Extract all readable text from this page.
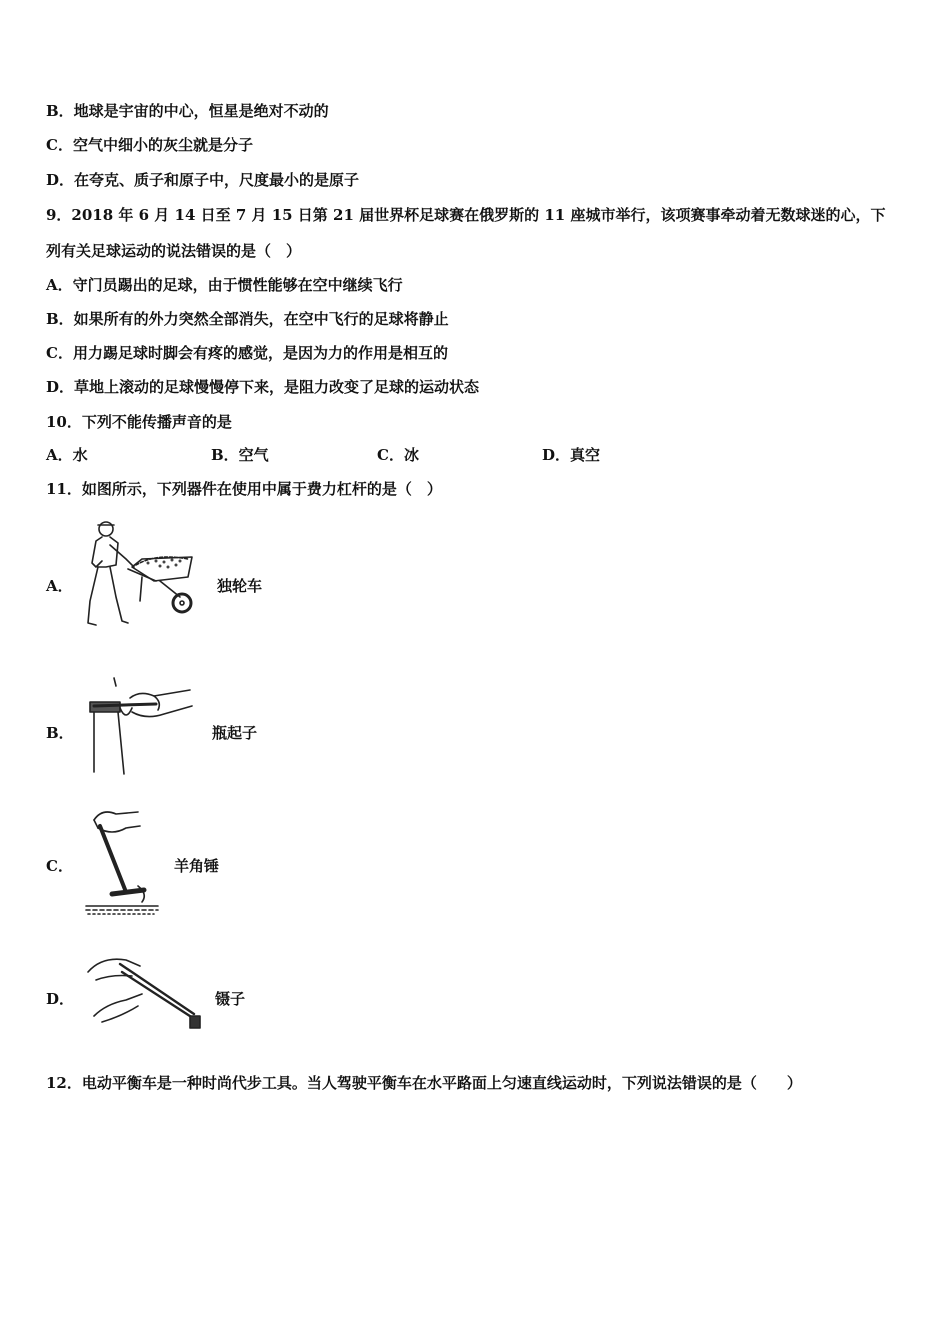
B．地球是宇宙的中心，恒星是绝对不动的
C．空气中细小的灰尘就是分子
D．在夸克、质子和原子中，尺度最小的是原子
9．2018 年 6 月 14 日至 7 月 15 日第 21 届世界杯足球赛在俄罗斯的 11 座城市举行，该项赛事牵动着无数球迷的心，下
列有关足球运动的说法错误的是（　）
A．守门员踢出的足球，由于惯性能够在空中继续飞行
B．如果所有的外力突然全部消失，在空中飞行的足球将静止
C．用力踢足球时脚会有疼的感觉，是因为力的作用是相互的
D．草地上滚动的足球慢慢停下来，是阻力改变了足球的运动状态
10．下列不能传播声音的是
A．水	B．空气	C．冰	D．真空
11．如图所示，下列器件在使用中属于费力杠杆的是（　）
A．	独轮车
B．	瓶起子
C．	羊角锤
D．	镊子
12．电动平衡车是一种时尚代步工具。当人驾驶平衡车在水平路面上匀速直线运动时，下列说法错误的是（　　）
